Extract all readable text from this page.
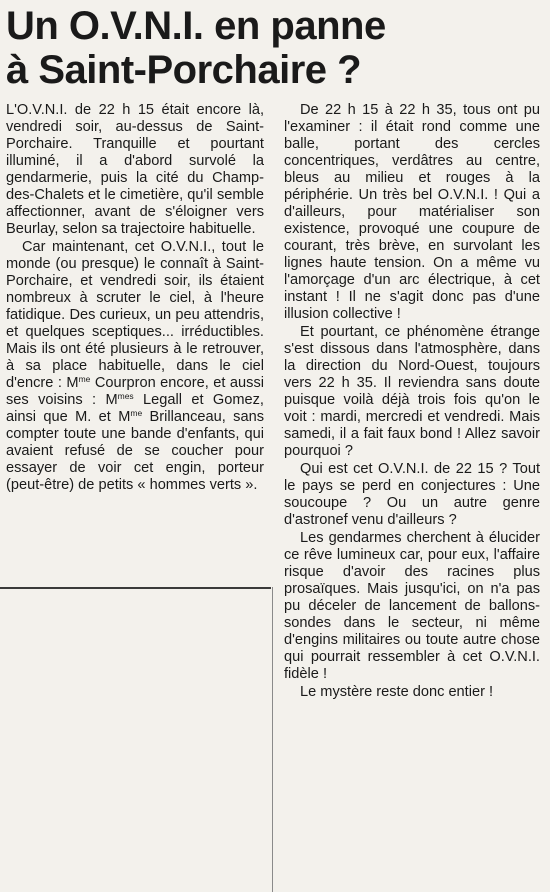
Un O.V.N.I. en panne
à Saint-Porchaire ?

L'O.V.N.I. de 22 h 15 était encore là, vendredi soir, au-dessus de Saint-Porchaire. Tranquille et pourtant illuminé, il a d'abord survolé la gendarmerie, puis la cité du Champ-des-Chalets et le cimetière, qu'il semble affectionner, avant de s'éloigner vers Beurlay, selon sa trajectoire habituelle.

Car maintenant, cet O.V.N.I., tout le monde (ou presque) le connaît à Saint-Porchaire, et vendredi soir, ils étaient nombreux à scruter le ciel, à l'heure fatidique. Des curieux, un peu attendris, et quelques sceptiques... irréductibles. Mais ils ont été plusieurs à le retrouver, à sa place habituelle, dans le ciel d'encre : $M^{me}$ Courpron encore, et aussi ses voisins : $M^{mes}$ Legall et Gomez, ainsi que M. et $M^{me}$ Brillanceau, sans compter toute une bande d'enfants, qui avaient refusé de se coucher pour essayer de voir cet engin, porteur (peut-être) de petits « hommes verts ».

De 22 h 15 à 22 h 35, tous ont pu l'examiner : il était rond comme une balle, portant des cercles concentriques, verdâtres au centre, bleus au milieu et rouges à la périphérie. Un très bel O.V.N.I. ! Qui a d'ailleurs, pour matérialiser son existence, provoqué une coupure de courant, très brève, en survolant les lignes haute tension. On a même vu l'amorçage d'un arc électrique, à cet instant ! Il ne s'agit donc pas d'une illusion collective !

Et pourtant, ce phénomène étrange s'est dissous dans l'atmosphère, dans la direction du Nord-Ouest, toujours vers 22 h 35. Il reviendra sans doute puisque voilà déjà trois fois qu'on le voit : mardi, mercredi et vendredi. Mais samedi, il a fait faux bond ! Allez savoir pourquoi ?

Qui est cet O.V.N.I. de 22 15 ? Tout le pays se perd en conjectures : Une soucoupe ? Ou un autre genre d'astronef venu d'ailleurs ?

Les gendarmes cherchent à élucider ce rêve lumineux car, pour eux, l'affaire risque d'avoir des racines plus prosaïques. Mais jusqu'ici, on n'a pas pu déceler de lancement de ballons-sondes dans le secteur, ni même d'engins militaires ou toute autre chose qui pourrait ressembler à cet O.V.N.I. fidèle !

Le mystère reste donc entier !
